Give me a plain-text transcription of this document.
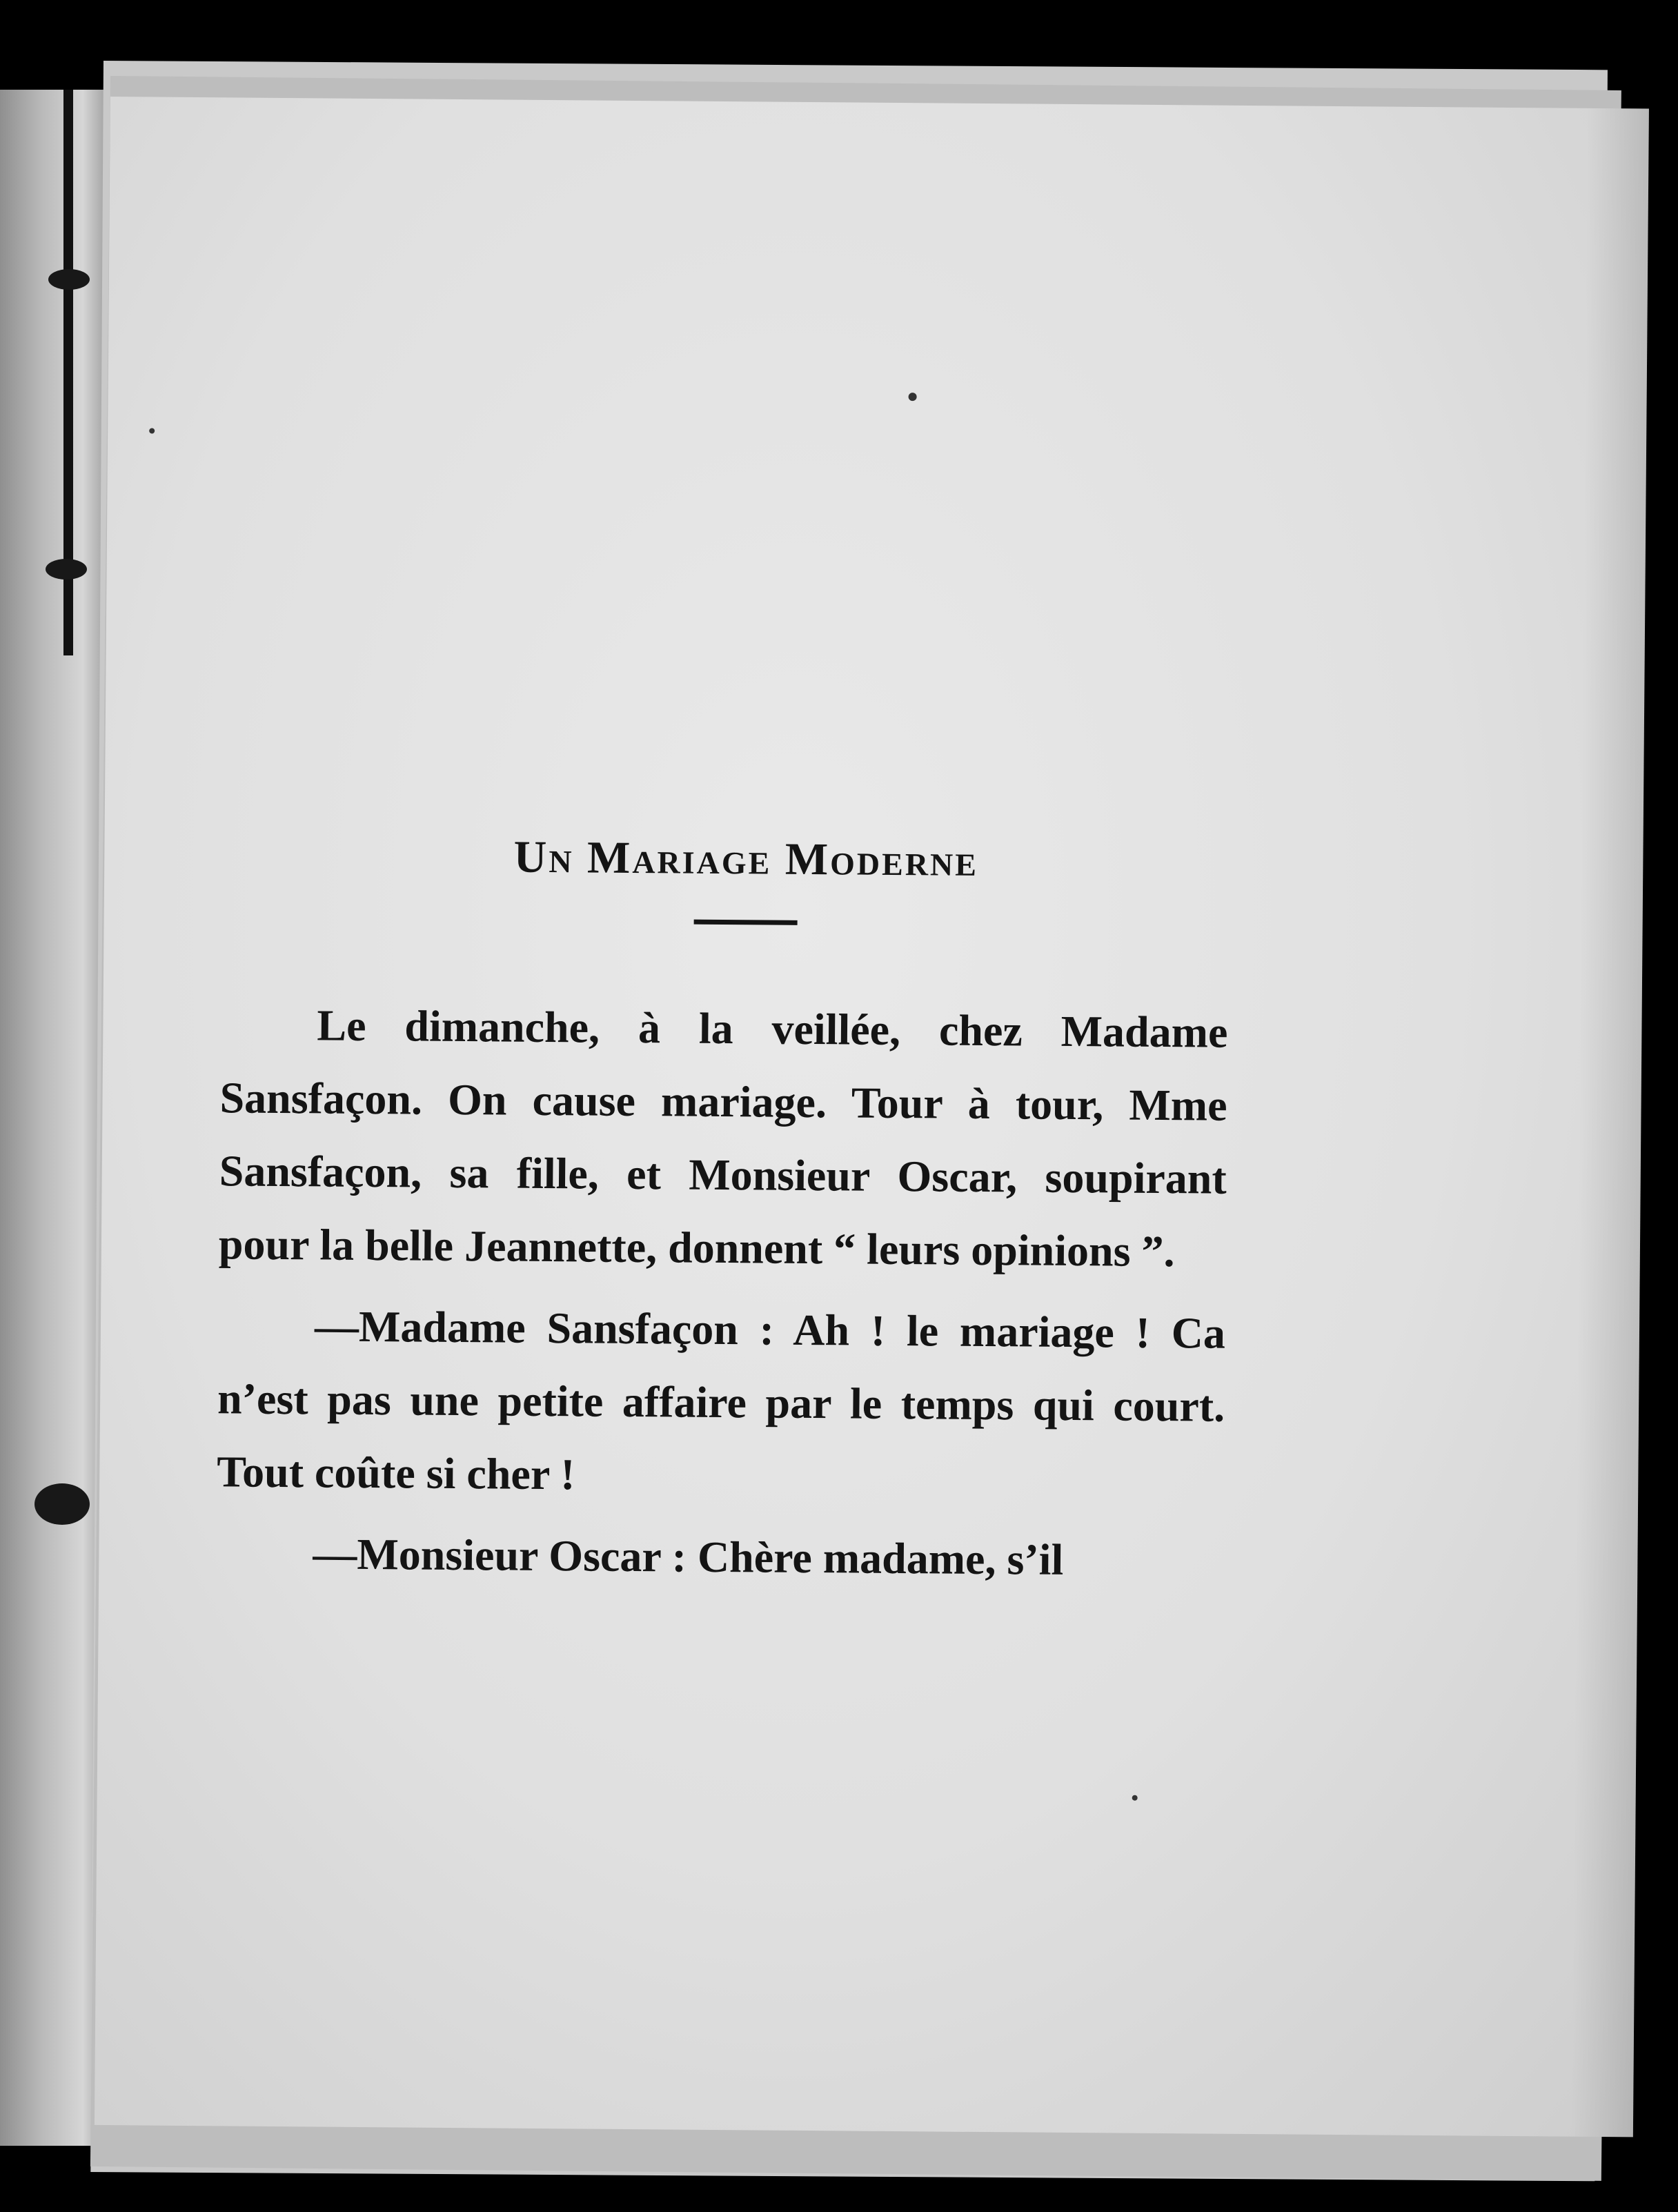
Un Mariage Moderne

Le dimanche, à la veillée, chez Madame Sansfaçon. On cause mariage. Tour à tour, Mme Sansfaçon, sa fille, et Monsieur Oscar, soupirant pour la belle Jeannette, donnent “ leurs opinions ”.

—Madame Sansfaçon : Ah ! le mariage ! Ca n’est pas une petite affaire par le temps qui court. Tout coûte si cher !

—Monsieur Oscar : Chère madame, s’il
